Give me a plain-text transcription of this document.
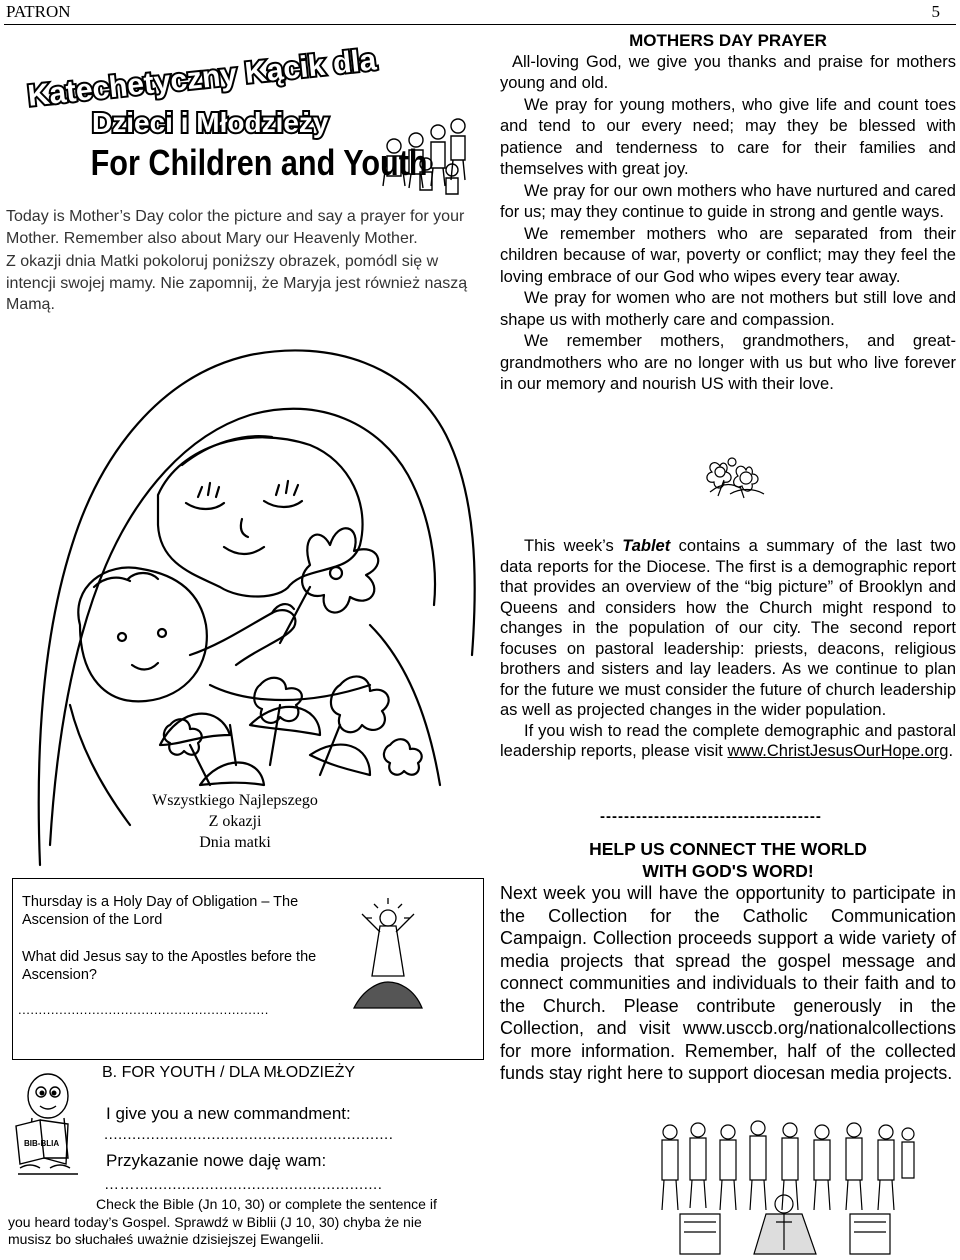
PATRON	5
Katechetyczny Kącik dla
Dzieci i Młodzieży
For Children and Youth

Today is Mother’s Day color the picture and say a prayer for your Mother. Remember also about Mary our Heavenly Mother.

Z okazji dnia Matki pokoloruj poniższy obrazek, pomódl się w intencji swojej mamy. Nie zapomnij, że Maryja jest również naszą Mamą.

Wszystkiego Najlepszego
Z okazji
Dnia matki
Thursday is a Holy Day of Obligation – The Ascension of the Lord
What did Jesus say to the Apostles before the Ascension?
.............................................................
B. FOR YOUTH / DLA MŁODZIEŻY
I give you a new commandment:
..............................................................
Przykazanie nowe daję wam:
…….....................................................
Check the Bible (Jn 10, 30) or complete the sentence if
you heard today’s Gospel. Sprawdź w Biblii (J 10, 30) chyba że nie musisz bo słuchałeś uważnie dzisiejszej Ewangelii.
BIB-BLIA

MOTHERS DAY PRAYER

All-loving God, we give you thanks and praise for mothers young and old.

We pray for young mothers, who give life and count toes and tend to our every need; may they be blessed with patience and tenderness to care for their families and themselves with great joy.

We pray for our own mothers who have nurtured and cared for us; may they continue to guide in strong and gentle ways.

We remember mothers who are separated from their children because of war, poverty or conflict; may they feel the loving embrace of our God who wipes every tear away.

We pray for women who are not mothers but still love and shape us with motherly care and compassion.

We remember mothers, grandmothers, and great-grandmothers who are no longer with us but who live forever in our memory and nourish US with their love.

This week’s Tablet contains a summary of the last two data reports for the Diocese. The first is a demographic report that provides an overview of the “big picture” of Brooklyn and Queens and considers how the Church might respond to changes in the population of our city. The second report focuses on pastoral leadership: priests, deacons, religious brothers and sisters and lay leaders. As we continue to plan for the future we must consider the future of church leadership as well as projected changes in the wider population.

If you wish to read the complete demographic and pastoral leadership reports, please visit www.ChristJesusOurHope.org.

-------------------------------------
HELP US CONNECT THE WORLD
WITH GOD'S WORD!

Next week you will have the opportunity to participate in the Collection for the Catholic Communication Campaign. Collection proceeds support a wide variety of media projects that spread the gospel message and connect communities and individuals to their faith and to the Church. Please contribute generously in the Collection, and visit www.usccb.org/nationalcollections for more information. Remember, half of the collected funds stay right here to support diocesan media projects.
